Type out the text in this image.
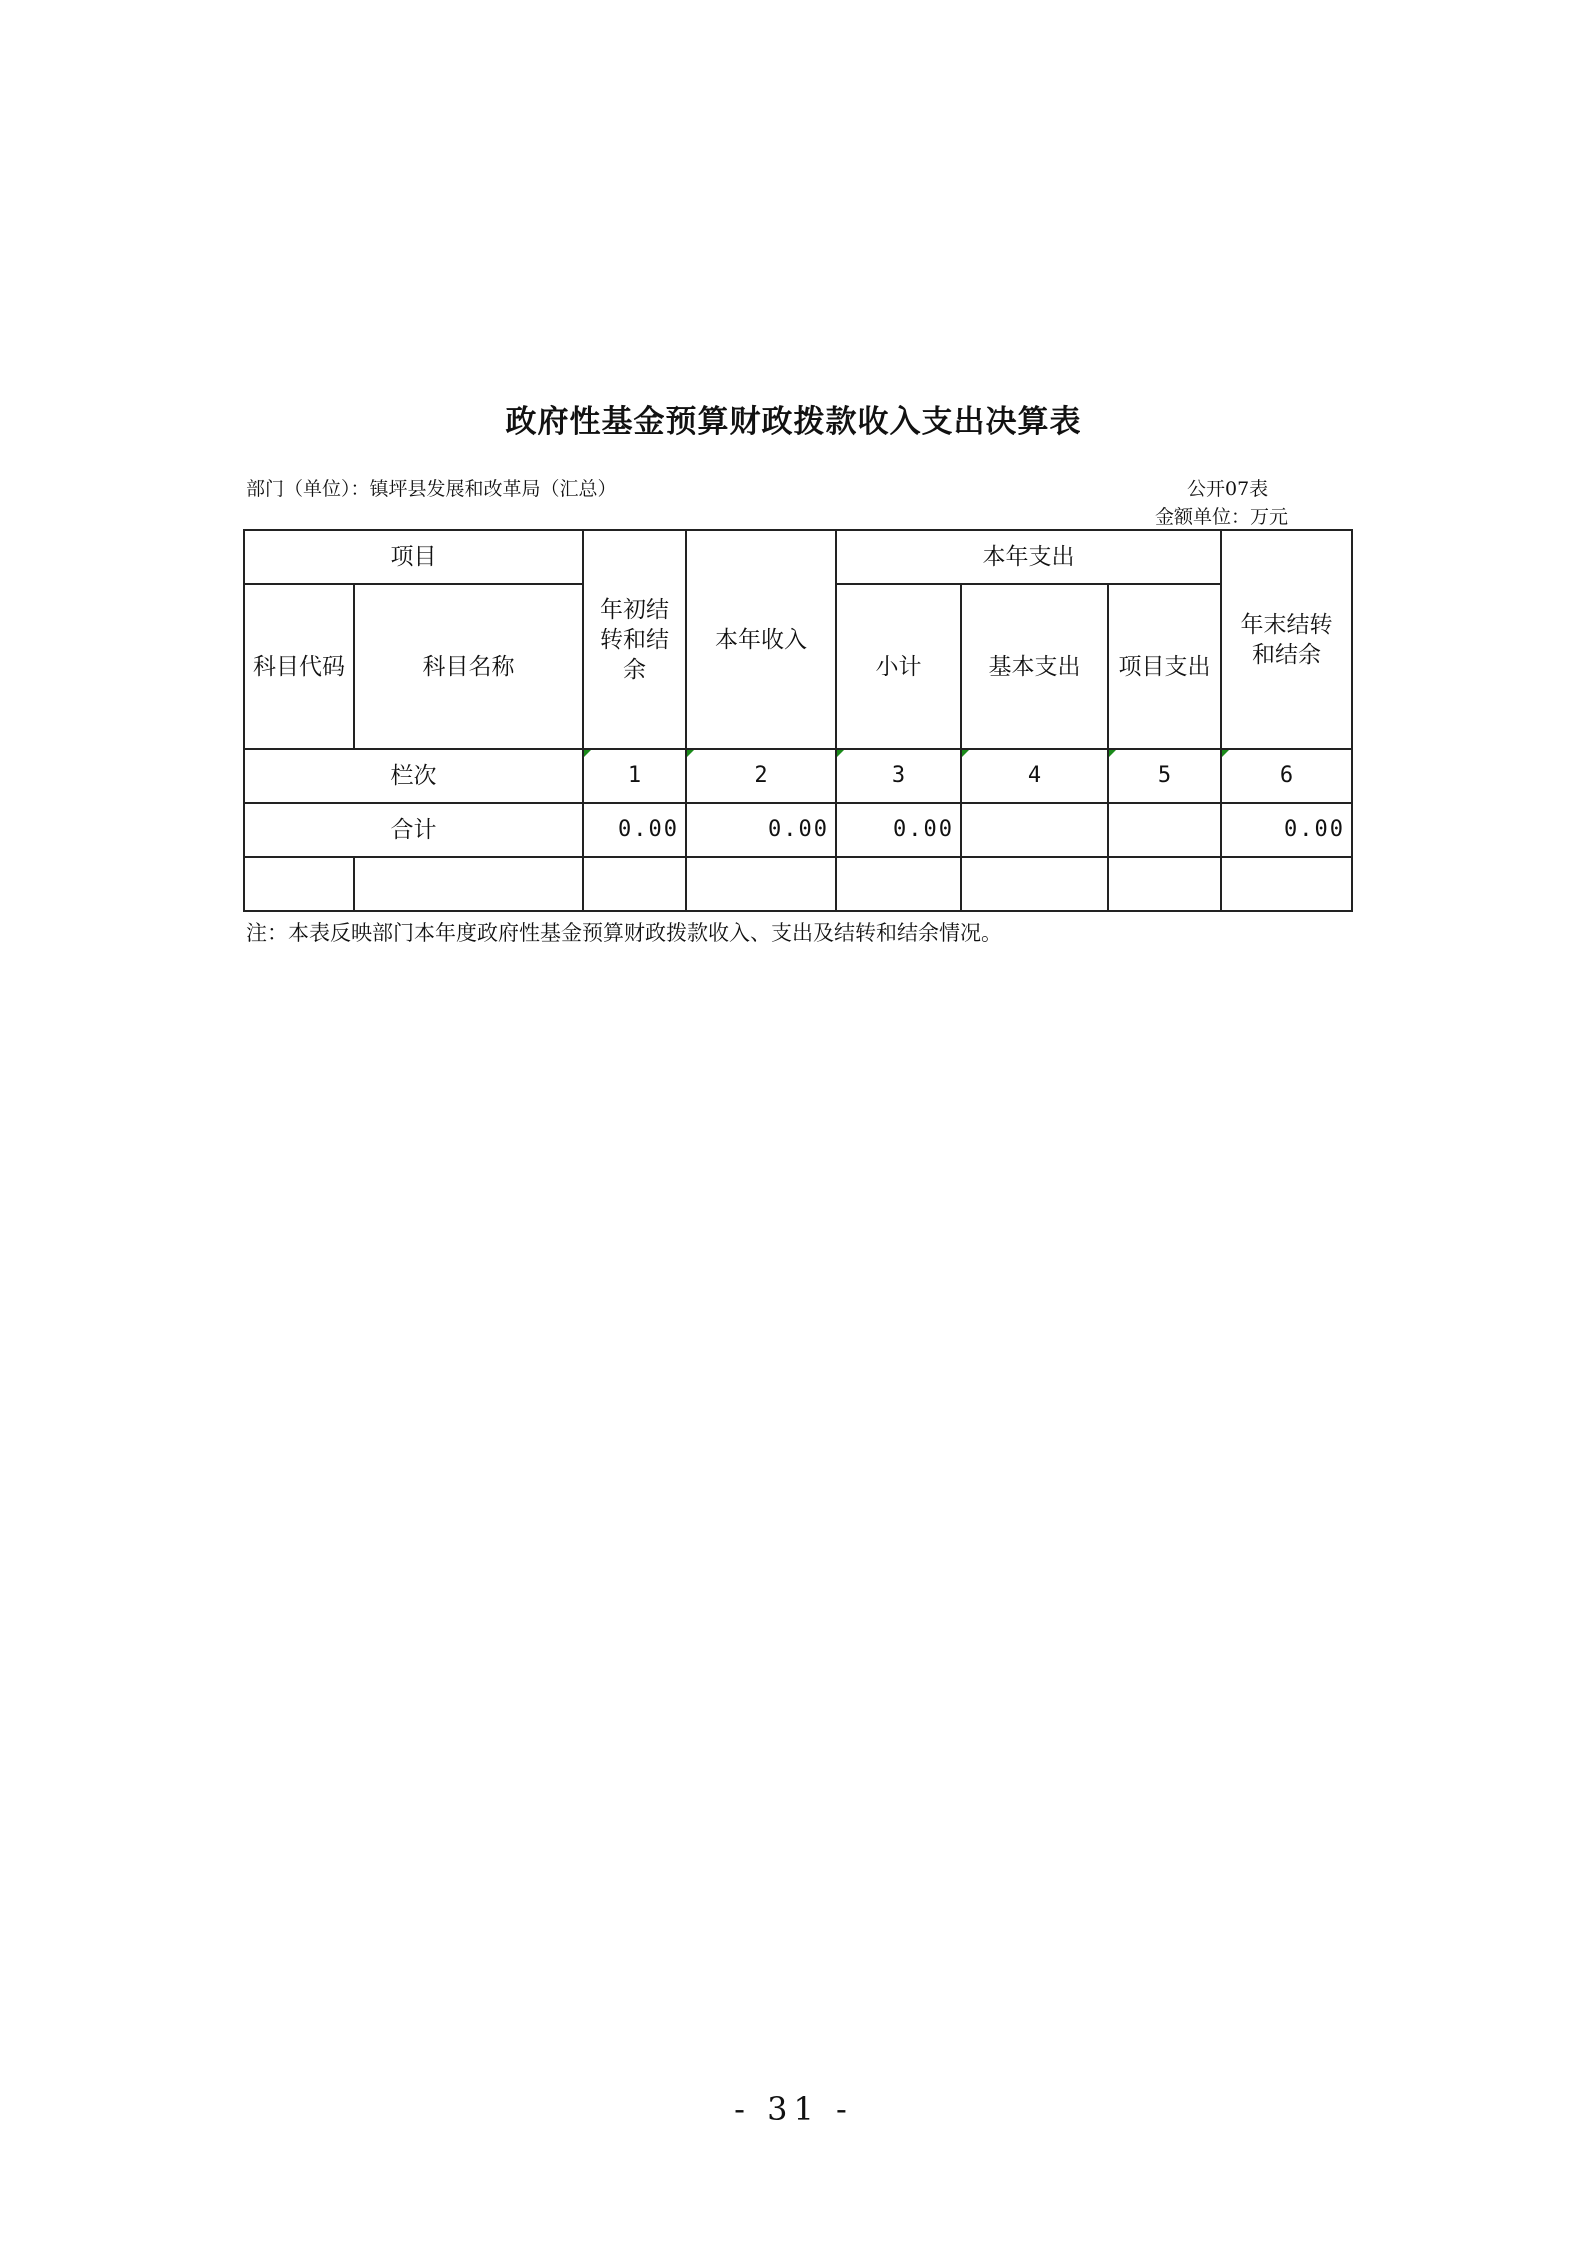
政府性基金预算财政拨款收入支出决算表
部门（单位）：镇坪县发展和改革局（汇总）	公开07表
金额单位：万元
项目		年初结转和结余	本年收入	本年支出			年末结转和结余

科目代码	科目名称			小计	基本支出	项目支出	
栏次		1	2	3	4	5	6
合计		0.00	0.00	0.00			0.00

注：本表反映部门本年度政府性基金预算财政拨款收入、支出及结转和结余情况。
- 31 -
